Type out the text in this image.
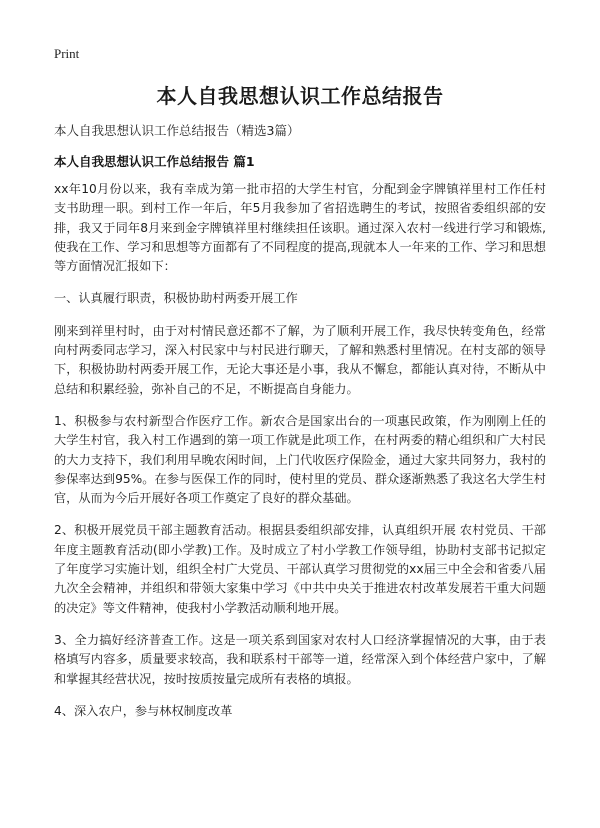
Print
本人自我思想认识工作总结报告
本人自我思想认识工作总结报告（精选3篇）
本人自我思想认识工作总结报告 篇1

xx年10月份以来，我有幸成为第一批市招的大学生村官，分配到金字牌镇祥里村工作任村支书助理一职。到村工作一年后，年5月我参加了省招选聘生的考试，按照省委组织部的安排，我又于同年8月来到金字牌镇祥里村继续担任该职。通过深入农村一线进行学习和锻炼,使我在工作、学习和思想等方面都有了不同程度的提高,现就本人一年来的工作、学习和思想等方面情况汇报如下：

一、认真履行职责，积极协助村两委开展工作

刚来到祥里村时，由于对村情民意还都不了解，为了顺利开展工作，我尽快转变角色，经常向村两委同志学习，深入村民家中与村民进行聊天，了解和熟悉村里情况。在村支部的领导下，积极协助村两委开展工作，无论大事还是小事，我从不懈怠，都能认真对待，不断从中总结和积累经验，弥补自己的不足，不断提高自身能力。

1、积极参与农村新型合作医疗工作。新农合是国家出台的一项惠民政策，作为刚刚上任的大学生村官，我入村工作遇到的第一项工作就是此项工作，在村两委的精心组织和广大村民的大力支持下，我们利用早晚农闲时间，上门代收医疗保险金，通过大家共同努力，我村的参保率达到95%。在参与医保工作的同时，使村里的党员、群众逐渐熟悉了我这名大学生村官，从而为今后开展好各项工作奠定了良好的群众基础。

2、积极开展党员干部主题教育活动。根据县委组织部安排，认真组织开展 农村党员、干部年度主题教育活动(即小学教)工作。及时成立了村小学教工作领导组，协助村支部书记拟定了年度学习实施计划，组织全村广大党员、干部认真学习贯彻党的xx届三中全会和省委八届九次全会精神，并组织和带领大家集中学习《中共中央关于推进农村改革发展若干重大问题的决定》等文件精神，使我村小学教活动顺利地开展。

3、全力搞好经济普查工作。这是一项关系到国家对农村人口经济掌握情况的大事，由于表格填写内容多，质量要求较高，我和联系村干部等一道，经常深入到个体经营户家中，了解和掌握其经营状况，按时按质按量完成所有表格的填报。

4、深入农户，参与林权制度改革
